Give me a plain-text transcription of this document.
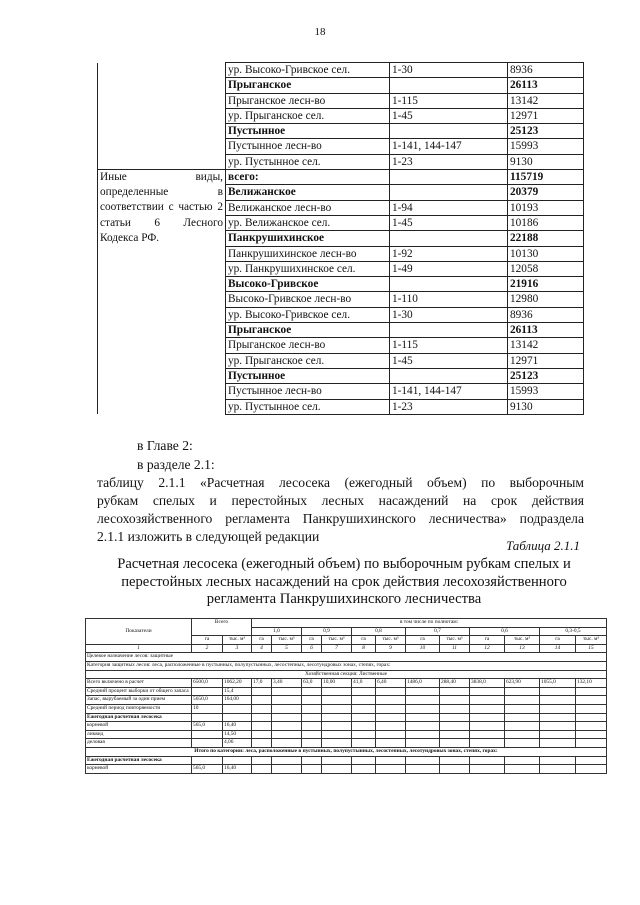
18
	ур. Высоко-Гривское сел.	1-30	8936
	Прыганское		26113
	Прыганское лесн-во	1-115	13142
	ур. Прыганское сел.	1-45	12971
	Пустынное		25123
	Пустынное лесн-во	1-141, 144-147	15993
	ур. Пустынное сел.	1-23	9130
Иные виды, определенные в соответствии с частью 2 статьи 6 Лесного Кодекса РФ.	всего:		115719
	Велижанское		20379
	Велижанское лесн-во	1-94	10193
	ур. Велижанское сел.	1-45	10186
	Панкрушихинское		22188
	Панкрушихинское лесн-во	1-92	10130
	ур. Панкрушихинское сел.	1-49	12058
	Высоко-Гривское		21916
	Высоко-Гривское лесн-во	1-110	12980
	ур. Высоко-Гривское сел.	1-30	8936
	Прыганское		26113
	Прыганское лесн-во	1-115	13142
	ур. Прыганское сел.	1-45	12971
	Пустынное		25123
	Пустынное лесн-во	1-141, 144-147	15993
	ур. Пустынное сел.	1-23	9130
в Главе 2:
в разделе 2.1:
таблицу 2.1.1 «Расчетная лесосека (ежегодный объем) по выборочным
рубкам спелых и перестойных лесных насаждений на срок действия
лесохозяйственного регламента Панкрушихинского лесничества» подраздела
2.1.1 изложить в следующей редакции
Таблица 2.1.1
Расчетная лесосека (ежегодный объем) по выборочным рубкам спелых и
перестойных лесных насаждений на срок действия лесохозяйственного
регламента Панкрушихинского лесничества
Показатели	Всего		в том числе по полнотам:											
			1,0		0,9		0,8		0,7		0,6		0,3-0,5	
	га	тыс. м³	га	тыс. м³	га	тыс. м³	га	тыс. м³	га	тыс. м³	га	тыс. м³	га	тыс. м³
1	2	3	4	5	6	7	8	9	10	11	12	13	14	15
Целевое назначение лесов: защитные														
Категория защитных лесов: леса, расположенные в пустынных, полупустынных, лесостепных, лесотундровых зонах, степях, горах:														
Хозяйственная секция: Лиственные														
Всего включено в расчет	6500,0	1062,20	17,0	3,40	63,0	10,00	41,0	6,40	1486,0	288,40	3838,0	623,90	1055,0	132,10
Средний процент выборки от общего запаса		15,4												
Запас, вырубаемый за один прием	5650,0	164,00												
Средний период повторяемости	10													
Ежегодная расчетная лесосека														
корневой	565,0	16,40												
ликвид		14,50												
деловая		4,06												
Итого по категории: леса, расположенные в пустынных, полупустынных, лесостепных, лесотундровых зонах, степях, горах:														
Ежегодная расчетная лесосека														
корневой	565,0	16,40												
